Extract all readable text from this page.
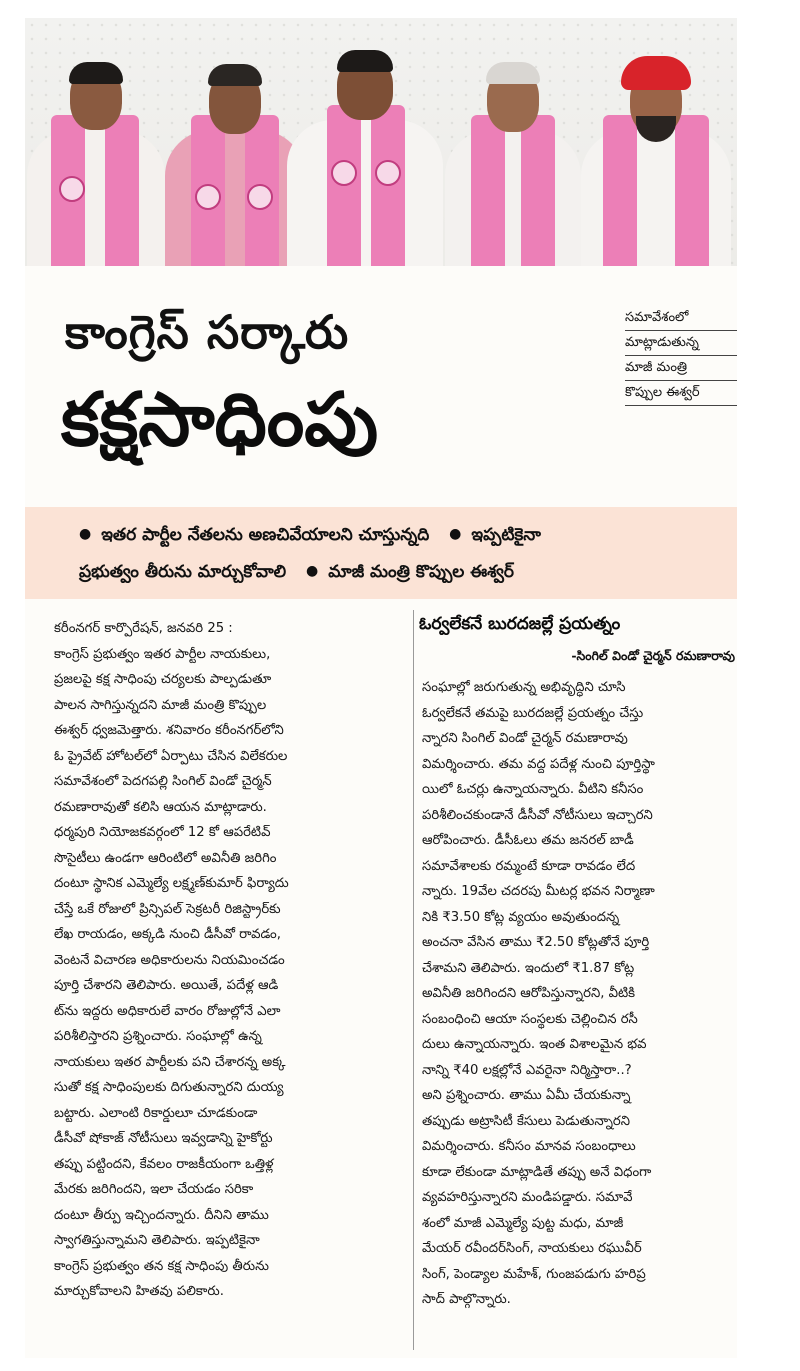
కాంగ్రెస్ సర్కారు
కక్షసాధింపు
సమావేశంలో
మాట్లాడుతున్న
మాజీ మంత్రి
కొప్పుల ఈశ్వర్
● ఇతర పార్టీల నేతలను అణచివేయాలని చూస్తున్నది ● ఇప్పటికైనా
ప్రభుత్వం తీరును మార్చుకోవాలి ● మాజీ మంత్రి కొప్పుల ఈశ్వర్
కరీంనగర్ కార్పొరేషన్, జనవరి 25 :
కాంగ్రెస్ ప్రభుత్వం ఇతర పార్టీల నాయకులు,
ప్రజలపై కక్ష సాధింపు చర్యలకు పాల్పడుతూ
పాలన సాగిస్తున్నదని మాజీ మంత్రి కొప్పుల
ఈశ్వర్ ధ్వజమెత్తారు. శనివారం కరీంనగర్‌లోని
ఓ ప్రైవేట్ హోటల్‌లో ఏర్పాటు చేసిన విలేకరుల
సమావేశంలో పెదగపల్లి సింగిల్ విండో చైర్మన్
రమణారావుతో కలిసి ఆయన మాట్లాడారు.
ధర్మపురి నియోజకవర్గంలో 12 కో ఆపరేటివ్
సొసైటీలు ఉండగా ఆరింటిలో అవినీతి జరిగిం
దంటూ స్థానిక ఎమ్మెల్యే లక్ష్మణ్‌కుమార్ ఫిర్యాదు
చేస్తే ఒకే రోజులో ప్రిన్సిపల్ సెక్రటరీ రిజిస్ట్రార్‌కు
లేఖ రాయడం, అక్కడి నుంచి డీసీవో రావడం,
వెంటనే విచారణ అధికారులను నియమించడం
పూర్తి చేశారని తెలిపారు. అయితే, పదేళ్ల ఆడి
ట్‌ను ఇద్దరు అధికారులే వారం రోజుల్లోనే ఎలా
పరిశీలిస్తారని ప్రశ్నించారు. సంఘాల్లో ఉన్న
నాయకులు ఇతర పార్టీలకు పని చేశారన్న అక్క
సుతో కక్ష సాధింపులకు దిగుతున్నారని దుయ్య
బట్టారు. ఎలాంటి రికార్డులూ చూడకుండా
డీసీవో షోకాజ్ నోటీసులు ఇవ్వడాన్ని హైకోర్టు
తప్పు పట్టిందని, కేవలం రాజకీయంగా ఒత్తిళ్ల
మేరకు జరిగిందని, ఇలా చేయడం సరికా
దంటూ తీర్పు ఇచ్చిందన్నారు. దీనిని తాము
స్వాగతిస్తున్నామని తెలిపారు. ఇప్పటికైనా
కాంగ్రెస్ ప్రభుత్వం తన కక్ష సాధింపు తీరును
మార్చుకోవాలని హితవు పలికారు.
ఓర్వలేకనే బురదజల్లే ప్రయత్నం
-సింగిల్ విండో చైర్మన్ రమణారావు
సంఘాల్లో జరుగుతున్న అభివృద్ధిని చూసి
ఓర్వలేకనే తమపై బురదజల్లే ప్రయత్నం చేస్తు
న్నారని సింగిల్ విండో చైర్మన్ రమణారావు
విమర్శించారు. తమ వద్ద పదేళ్ల నుంచి పూర్తిస్థా
యిలో ఓచర్లు ఉన్నాయన్నారు. వీటిని కనీసం
పరిశీలించకుండానే డీసీవో నోటీసులు ఇచ్చారని
ఆరోపించారు. డీసీఓలు తమ జనరల్ బాడీ
సమావేశాలకు రమ్మంటే కూడా రావడం లేద
న్నారు. 19వేల చదరపు మీటర్ల భవన నిర్మాణా
నికి ₹3.50 కోట్ల వ్యయం అవుతుందన్న
అంచనా వేసిన తాము ₹2.50 కోట్లతోనే పూర్తి
చేశామని తెలిపారు. ఇందులో ₹1.87 కోట్ల
అవినీతి జరిగిందని ఆరోపిస్తున్నారని, వీటికి
సంబంధించి ఆయా సంస్థలకు చెల్లించిన రసీ
దులు ఉన్నాయన్నారు. ఇంత విశాలమైన భవ
నాన్ని ₹40 లక్షల్లోనే ఎవరైనా నిర్మిస్తారా..?
అని ప్రశ్నించారు. తాము ఏమీ చేయకున్నా
తప్పుడు అట్రాసిటీ కేసులు పెడుతున్నారని
విమర్శించారు. కనీసం మానవ సంబంధాలు
కూడా లేకుండా మాట్లాడితే తప్పు అనే విధంగా
వ్యవహరిస్తున్నారని మండిపడ్డారు. సమావే
శంలో మాజీ ఎమ్మెల్యే పుట్ట మధు, మాజీ
మేయర్ రవీందర్‌సింగ్, నాయకులు రఘువీర్
సింగ్, పెండ్యాల మహేశ్, గుంజపడుగు హరిప్ర
సాద్ పాల్గొన్నారు.
